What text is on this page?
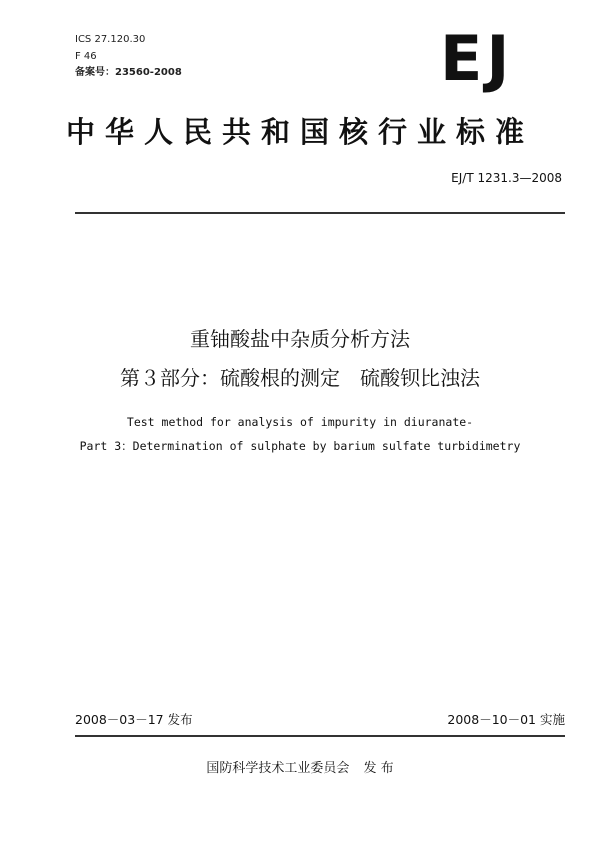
ICS 27.120.30
F 46
备案号：23560-2008	EJ
中华人民共和国核行业标准
EJ/T 1231.3—2008
重铀酸盐中杂质分析方法
第３部分：硫酸根的测定　硫酸钡比浊法
Test method for analysis of impurity in diuranate-
Part 3：Determination of sulphate by barium sulfate turbidimetry
2008－03－17 发布	2008－10－01 实施
国防科学技术工业委员会 发 布
